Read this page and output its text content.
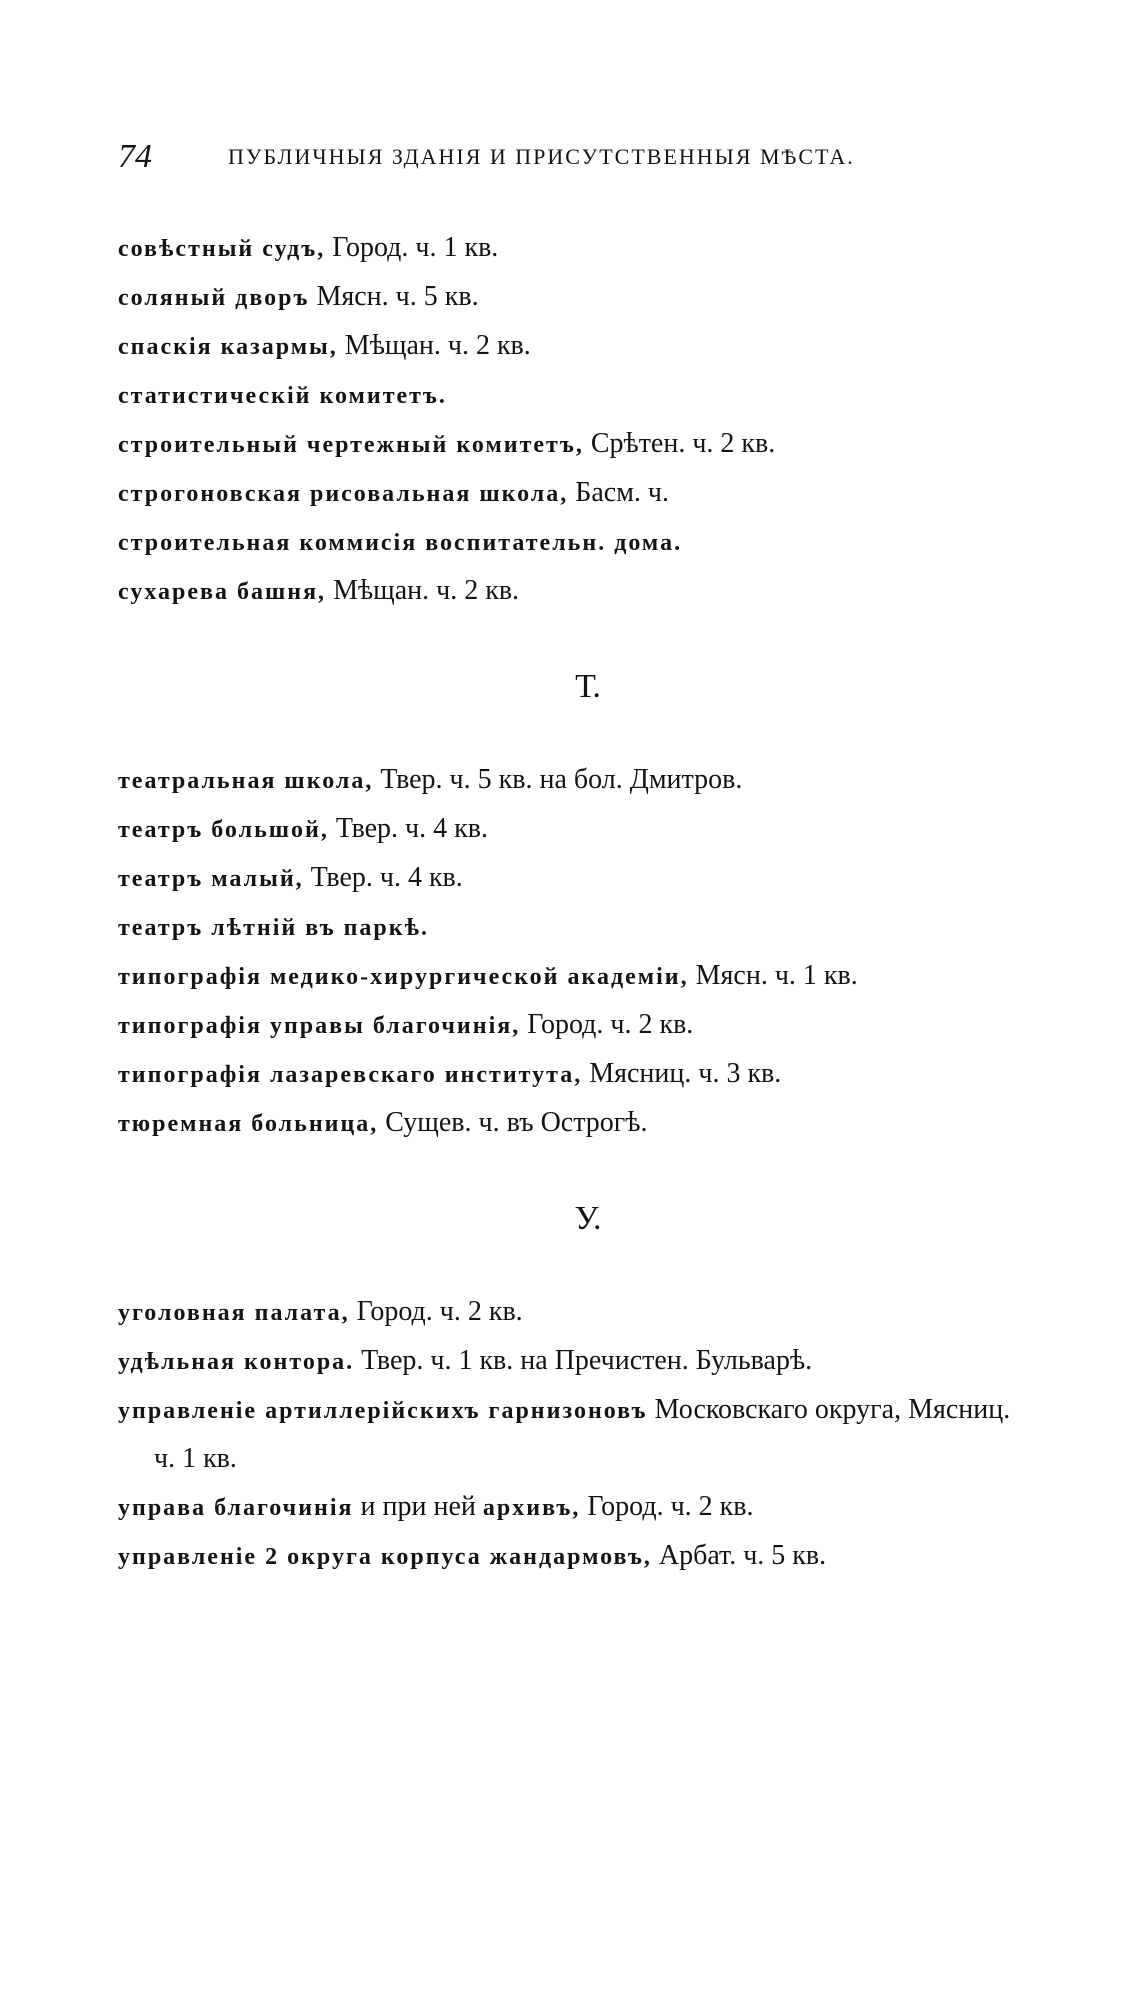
74	ПУБЛИЧНЫЯ ЗДАНІЯ И ПРИСУТСТВЕННЫЯ МѢСТА.

совѣстный судъ, Город. ч. 1 кв.

соляный дворъ Мясн. ч. 5 кв.

спаскія казармы, Мѣщан. ч. 2 кв.

статистическій комитетъ.

строительный чертежный комитетъ, Срѣтен. ч. 2 кв.

строгоновская рисовальная школа, Басм. ч.

строительная коммисія воспитательн. дома.

сухарева башня, Мѣщан. ч. 2 кв.

Т.

театральная школа, Твер. ч. 5 кв. на бол. Дмитров.

театръ большой, Твер. ч. 4 кв.

театръ малый, Твер. ч. 4 кв.

театръ лѣтній въ паркѣ.

типографія медико-хирургической академіи, Мясн. ч. 1 кв.

типографія управы благочинія, Город. ч. 2 кв.

типографія лазаревскаго института, Мясниц. ч. 3 кв.

тюремная больница, Сущев. ч. въ Острогѣ.

У.

уголовная палата, Город. ч. 2 кв.

удѣльная контора. Твер. ч. 1 кв. на Пречистен. Бульварѣ.

управленіе артиллерійскихъ гарнизоновъ Московскаго округа, Мясниц. ч. 1 кв.

управа благочинія и при ней архивъ, Город. ч. 2 кв.

управленіе 2 округа корпуса жандармовъ, Арбат. ч. 5 кв.
